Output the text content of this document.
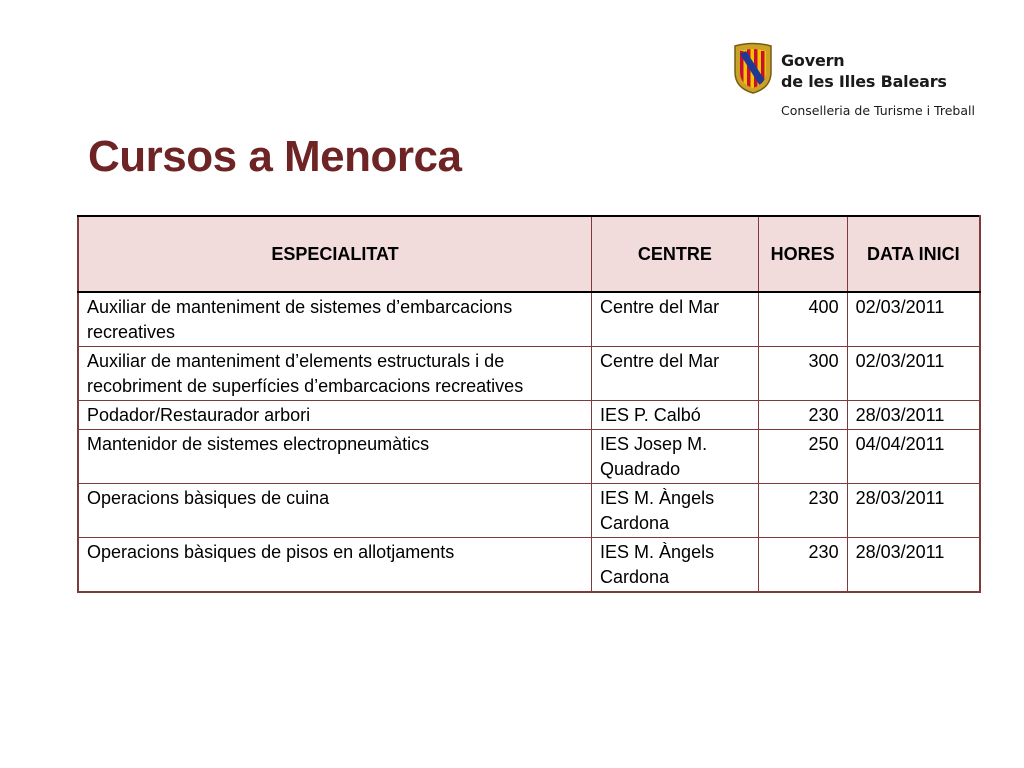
Govern
de les Illes Balears
Conselleria de Turisme i Treball
Cursos a Menorca
ESPECIALITAT	CENTRE	HORES	DATA INICI
Auxiliar de manteniment de sistemes d’embarcacions recreatives	Centre del Mar	400	02/03/2011
Auxiliar de manteniment d’elements estructurals i de recobriment de superfícies d’embarcacions recreatives	Centre del Mar	300	02/03/2011
Podador/Restaurador arbori	IES P. Calbó	230	28/03/2011
Mantenidor de sistemes electropneumàtics	IES Josep M. Quadrado	250	04/04/2011
Operacions bàsiques de cuina	IES M. Àngels Cardona	230	28/03/2011
Operacions bàsiques de pisos en allotjaments	IES M. Àngels Cardona	230	28/03/2011
